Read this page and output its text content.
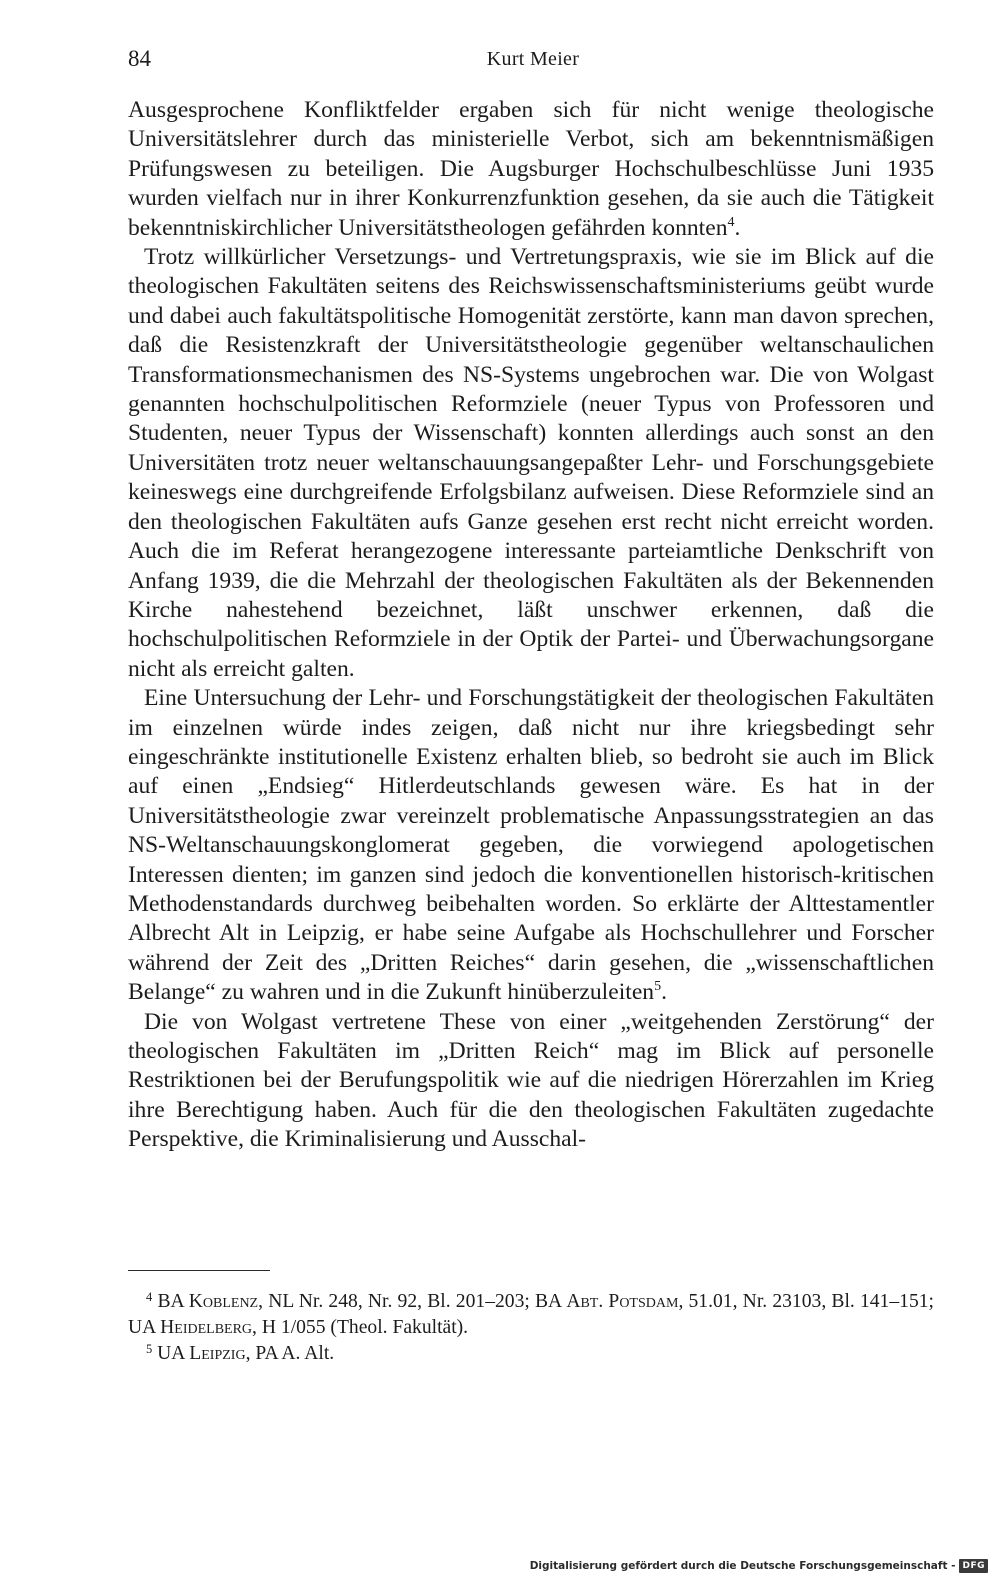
84	Kurt Meier

Ausgesprochene Konfliktfelder ergaben sich für nicht wenige theologische Universitätslehrer durch das ministerielle Verbot, sich am bekenntnismäßigen Prüfungswesen zu beteiligen. Die Augsburger Hochschulbeschlüsse Juni 1935 wurden vielfach nur in ihrer Konkurrenzfunktion gesehen, da sie auch die Tätigkeit bekenntniskirchlicher Universitätstheologen gefährden konnten$^4$.

Trotz willkürlicher Versetzungs- und Vertretungspraxis, wie sie im Blick auf die theologischen Fakultäten seitens des Reichswissenschaftsministeriums geübt wurde und dabei auch fakultätspolitische Homogenität zerstörte, kann man davon sprechen, daß die Resistenzkraft der Universitätstheologie gegenüber weltanschaulichen Transformationsmechanismen des NS-Systems ungebrochen war. Die von Wolgast genannten hochschulpolitischen Reformziele (neuer Typus von Professoren und Studenten, neuer Typus der Wissenschaft) konnten allerdings auch sonst an den Universitäten trotz neuer weltanschauungsangepaßter Lehr- und Forschungsgebiete keineswegs eine durchgreifende Erfolgsbilanz aufweisen. Diese Reformziele sind an den theologischen Fakultäten aufs Ganze gesehen erst recht nicht erreicht worden. Auch die im Referat herangezogene interessante parteiamtliche Denkschrift von Anfang 1939, die die Mehrzahl der theologischen Fakultäten als der Bekennenden Kirche nahestehend bezeichnet, läßt unschwer erkennen, daß die hochschulpolitischen Reformziele in der Optik der Partei- und Überwachungsorgane nicht als erreicht galten.

Eine Untersuchung der Lehr- und Forschungstätigkeit der theologischen Fakultäten im einzelnen würde indes zeigen, daß nicht nur ihre kriegsbedingt sehr eingeschränkte institutionelle Existenz erhalten blieb, so bedroht sie auch im Blick auf einen „Endsieg“ Hitlerdeutschlands gewesen wäre. Es hat in der Universitätstheologie zwar vereinzelt problematische Anpassungsstrategien an das NS-Weltanschauungskonglomerat gegeben, die vorwiegend apologetischen Interessen dienten; im ganzen sind jedoch die konventionellen historisch-kritischen Methodenstandards durchweg beibehalten worden. So erklärte der Alttestamentler Albrecht Alt in Leipzig, er habe seine Aufgabe als Hochschullehrer und Forscher während der Zeit des „Dritten Reiches“ darin gesehen, die „wissenschaftlichen Belange“ zu wahren und in die Zukunft hinüberzuleiten$^5$.

Die von Wolgast vertretene These von einer „weitgehenden Zerstörung“ der theologischen Fakultäten im „Dritten Reich“ mag im Blick auf personelle Restriktionen bei der Berufungspolitik wie auf die niedrigen Hörerzahlen im Krieg ihre Berechtigung haben. Auch für die den theologischen Fakultäten zugedachte Perspektive, die Kriminalisierung und Ausschal-

$^4$ BA Koblenz, NL Nr. 248, Nr. 92, Bl. 201–203; BA Abt. Potsdam, 51.01, Nr. 23103, Bl. 141–151; UA Heidelberg, H 1/055 (Theol. Fakultät).

$^5$ UA Leipzig, PA A. Alt.

Digitalisierung gefördert durch die Deutsche Forschungsgemeinschaft - DFG
